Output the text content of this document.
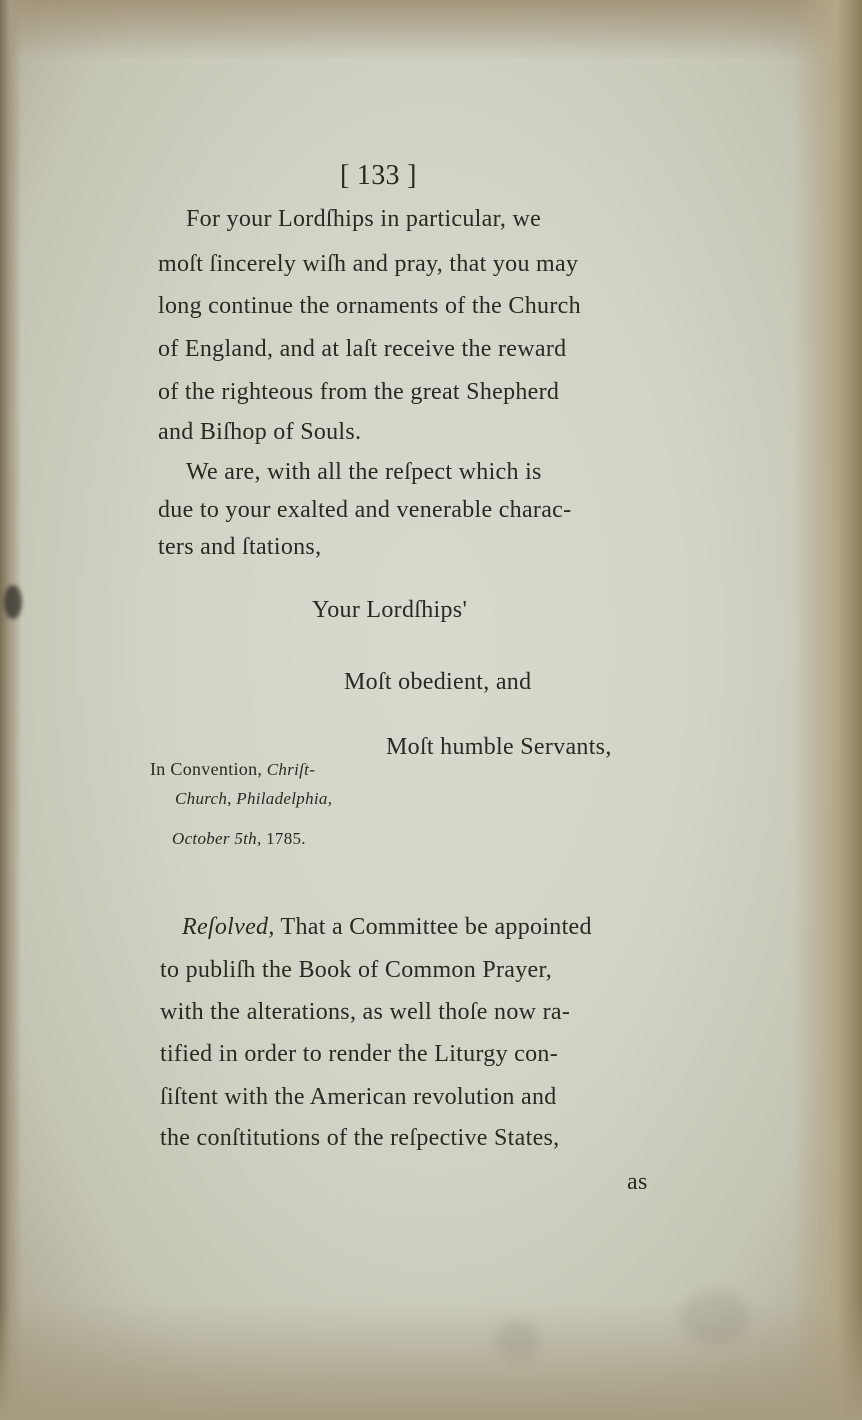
[ 133 ]
For your Lordſhips in particular, we
moſt ſincerely wiſh and pray, that you may
long continue the ornaments of the Church
of England, and at laſt receive the reward
of the righteous from the great Shepherd
and Biſhop of Souls.
We are, with all the reſpect which is
due to your exalted and venerable charac-
ters and ſtations,
Your Lordſhips'
Moſt obedient, and
Moſt humble Servants,
In Convention, Chriſt-
Church, Philadelphia,
October 5th, 1785.
Reſolved, That a Committee be appointed
to publiſh the Book of Common Prayer,
with the alterations, as well thoſe now ra-
tified in order to render the Liturgy con-
ſiſtent with the American revolution and
the conſtitutions of the reſpective States,
as
